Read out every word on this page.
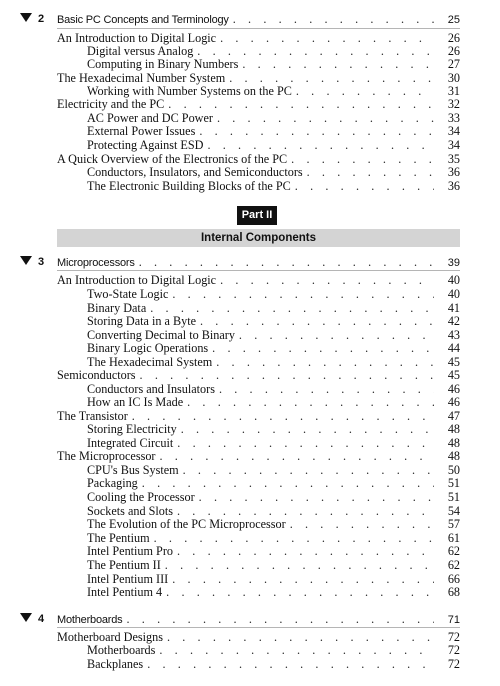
Part II
Internal Components
2 Basic PC Concepts and Terminology . . .	25
An Introduction to Digital Logic . . .	26
Digital versus Analog . . .	26
Computing in Binary Numbers . . .	27
The Hexadecimal Number System . . .	30
Working with Number Systems on the PC . . .	31
Electricity and the PC . . .	32
AC Power and DC Power . . .	33
External Power Issues . . .	34
Protecting Against ESD . . .	34
A Quick Overview of the Electronics of the PC . . .	35
Conductors, Insulators, and Semiconductors . . .	36
The Electronic Building Blocks of the PC . . .	36
3 Microprocessors . . .	39
An Introduction to Digital Logic . . .	40
Two-State Logic . . .	40
Binary Data . . .	41
Storing Data in a Byte . . .	42
Converting Decimal to Binary . . .	43
Binary Logic Operations . . .	44
The Hexadecimal System . . .	45
Semiconductors . . .	45
Conductors and Insulators . . .	46
How an IC Is Made . . .	46
The Transistor . . .	47
Storing Electricity . . .	48
Integrated Circuit . . .	48
The Microprocessor . . .	48
CPU's Bus System . . .	50
Packaging . . .	51
Cooling the Processor . . .	51
Sockets and Slots . . .	54
The Evolution of the PC Microprocessor . . .	57
The Pentium . . .	61
Intel Pentium Pro . . .	62
The Pentium II . . .	62
Intel Pentium III . . .	66
Intel Pentium 4 . . .	68
4 Motherboards . . .	71
Motherboard Designs . . .	72
Motherboards . . .	72
Backplanes . . .	72
